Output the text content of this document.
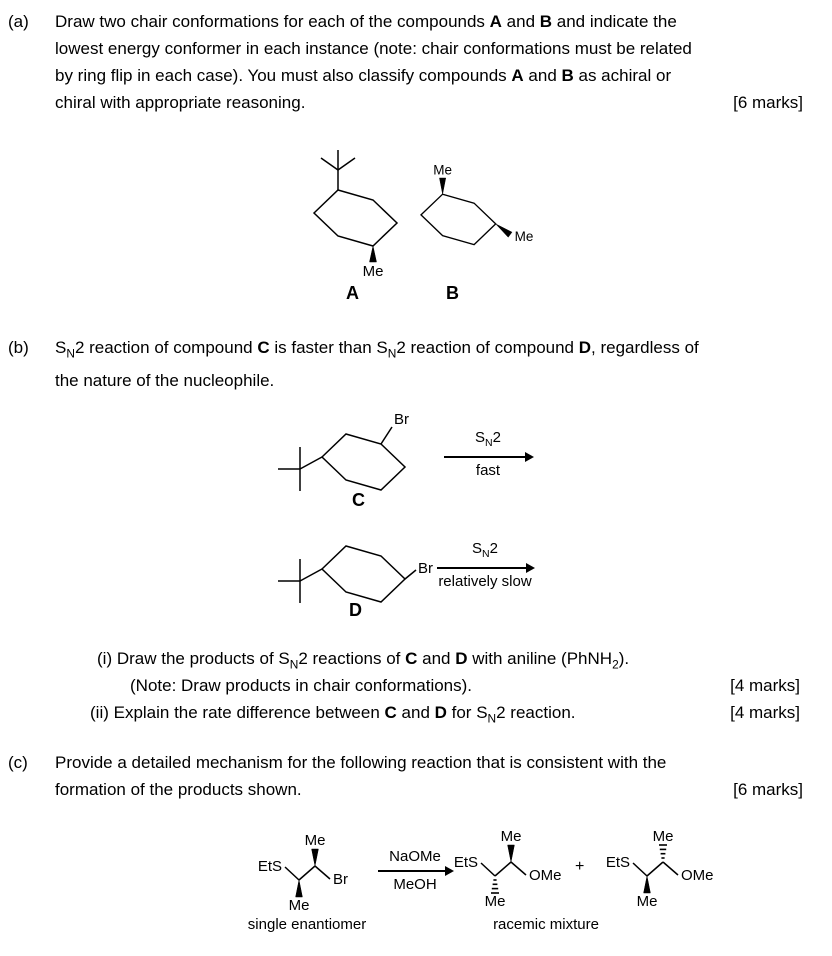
(a) Draw two chair conformations for each of the compounds A and B and indicate the
lowest energy conformer in each instance (note: chair conformations must be related
by ring flip in each case). You must also classify compounds A and B as achiral or
chiral with appropriate reasoning.	[6 marks]
Me
A
Me
Me
B
(b) $S_N2$ reaction of compound C is faster than $S_N2$ reaction of compound D, regardless of
the nature of the nucleophile.
Br
C
$S_N2$
fast
Br
D
$S_N2$
relatively slow
(i) Draw the products of $S_N2$ reactions of C and D with aniline (PhNH$_2$).
(Note: Draw products in chair conformations).	[4 marks]
(ii) Explain the rate difference between C and D for $S_N2$ reaction.	[4 marks]
(c) Provide a detailed mechanism for the following reaction that is consistent with the
formation of the products shown.	[6 marks]
EtS
Br
Me
Me
single enantiomer
NaOMe
MeOH
EtS
OMe
Me
Me
+ EtS
OMe
Me
Me
racemic mixture
